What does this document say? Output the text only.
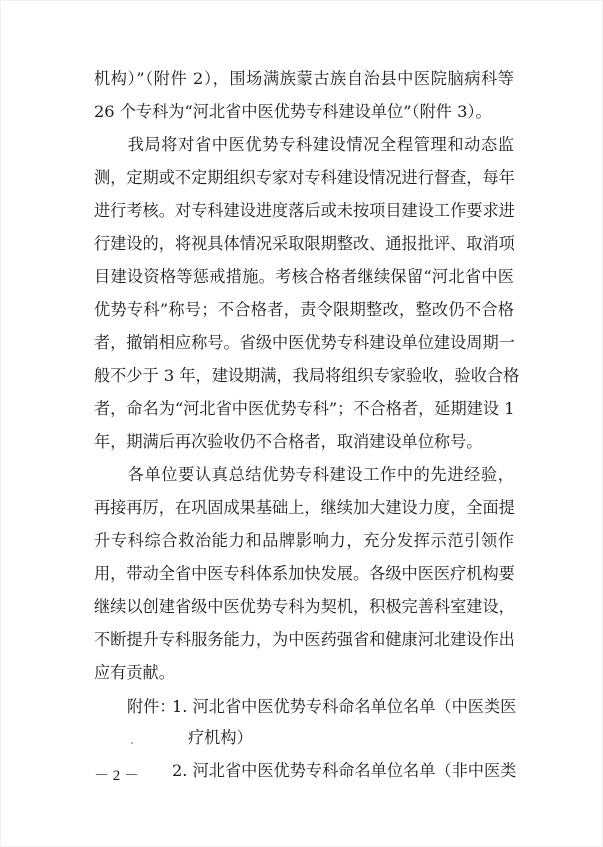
机构）”（附件 2），围场满族蒙古族自治县中医院脑病科等
26 个专科为“河北省中医优势专科建设单位”（附件 3）。
　　我局将对省中医优势专科建设情况全程管理和动态监
测，定期或不定期组织专家对专科建设情况进行督查，每年
进行考核。对专科建设进度落后或未按项目建设工作要求进
行建设的，将视具体情况采取限期整改、通报批评、取消项
目建设资格等惩戒措施。考核合格者继续保留“河北省中医
优势专科”称号；不合格者，责令限期整改，整改仍不合格
者，撤销相应称号。省级中医优势专科建设单位建设周期一
般不少于 3 年，建设期满，我局将组织专家验收，验收合格
者，命名为“河北省中医优势专科”；不合格者，延期建设 1
年，期满后再次验收仍不合格者，取消建设单位称号。
　　各单位要认真总结优势专科建设工作中的先进经验，
再接再厉，在巩固成果基础上，继续加大建设力度，全面提
升专科综合救治能力和品牌影响力，充分发挥示范引领作
用，带动全省中医专科体系加快发展。各级中医医疗机构要
继续以创建省级中医优势专科为契机，积极完善科室建设，
不断提升专科服务能力，为中医药强省和健康河北建设作出
应有贡献。
附件：
1. 河北省中医优势专科命名单位名单（中医类医
疗机构）
2. 河北省中医优势专科命名单位名单（非中医类
－ 2 －
